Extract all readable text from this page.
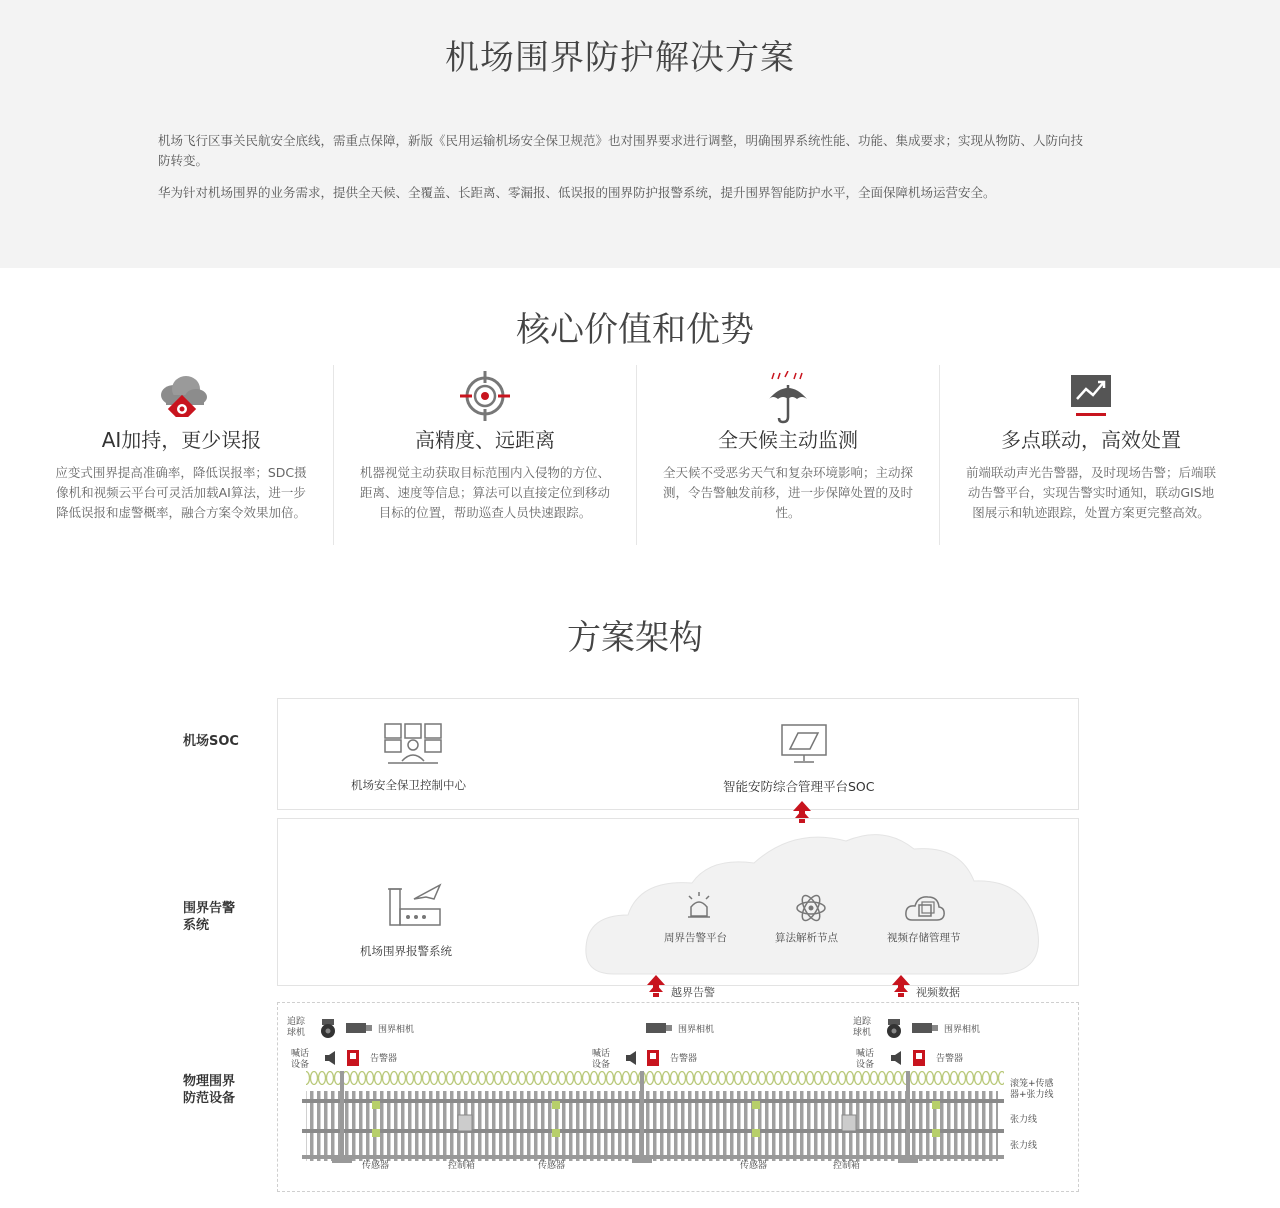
机场围界防护解决方案
机场飞行区事关民航安全底线，需重点保障，新版《民用运输机场安全保卫规范》也对围界要求进行调整，明确围界系统性能、功能、集成要求；实现从物防、人防向技防转变。
华为针对机场围界的业务需求，提供全天候、全覆盖、长距离、零漏报、低误报的围界防护报警系统，提升围界智能防护水平，全面保障机场运营安全。
核心价值和优势
AI加持，更少误报
应变式围界提高准确率，降低误报率；SDC摄像机和视频云平台可灵活加载AI算法，进一步降低误报和虚警概率，融合方案令效果加倍。
高精度、远距离
机器视觉主动获取目标范围内入侵物的方位、距离、速度等信息；算法可以直接定位到移动目标的位置，帮助巡查人员快速跟踪。
全天候主动监测
全天候不受恶劣天气和复杂环境影响；主动探测，令告警触发前移，进一步保障处置的及时性。
多点联动，高效处置
前端联动声光告警器，及时现场告警；后端联动告警平台，实现告警实时通知，联动GIS地图展示和轨迹跟踪，处置方案更完整高效。
方案架构
机场SOC
围界告警
系统
物理围界
防范设备
机场安全保卫控制中心	智能安防综合管理平台SOC
机场围界报警系统
周界告警平台	算法解析节点	视频存储管理节
越界告警	视频数据
追踪
球机	围界相机
喊话
设备
告警器	喊话
设备
围界相机
告警器
追踪
球机	围界相机
喊话
设备
告警器
滚笼+传感
器+张力线
张力线
张力线
传感器	控制箱	传感器	传感器	控制箱
